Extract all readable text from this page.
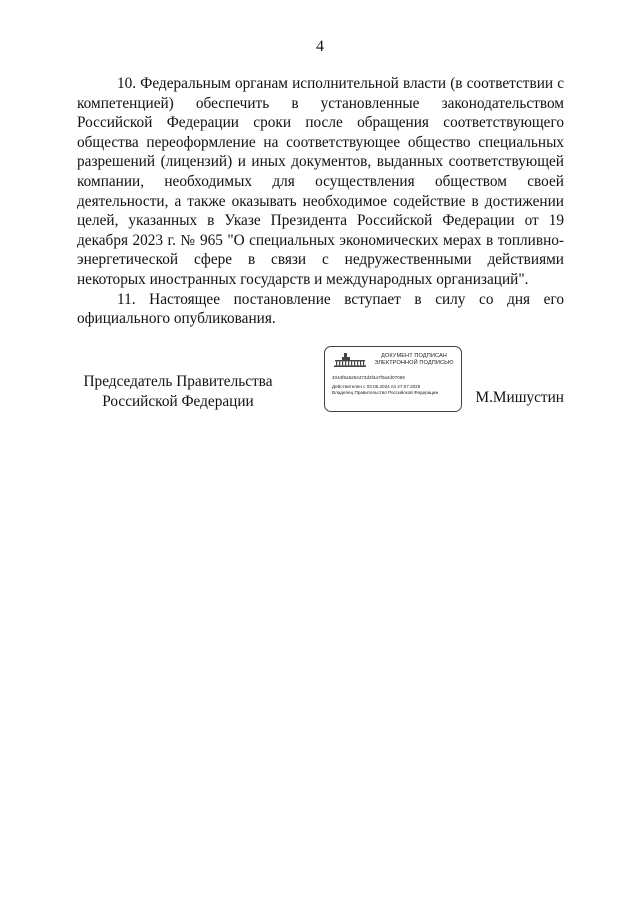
4

10. Федеральным органам исполнительной власти (в соответствии с компетенцией) обеспечить в установленные законодательством Российской Федерации сроки после обращения соответствующего общества переоформление на соответствующее общество специальных разрешений (лицензий) и иных документов, выданных соответствующей компании, необходимых для осуществления обществом своей деятельности, а также оказывать необходимое содействие в достижении целей, указанных в Указе Президента Российской Федерации от 19 декабря 2023 г. № 965 "О специальных экономических мерах в топливно-энергетической сфере в связи с недружественными действиями некоторых иностранных государств и международных организаций".

11. Настоящее постановление вступает в силу со дня его официального опубликования.

Председатель Правительства
Российской Федерации
ДОКУМЕНТ ПОДПИСАН
ЭЛЕКТРОННОЙ ПОДПИСЬЮ
4044f6a5264473d3f4a7f0a2d07069
Действителен с 03.05.2024 по 27.07.2025
Владелец Правительство Российской Федерации	М.Мишустин
